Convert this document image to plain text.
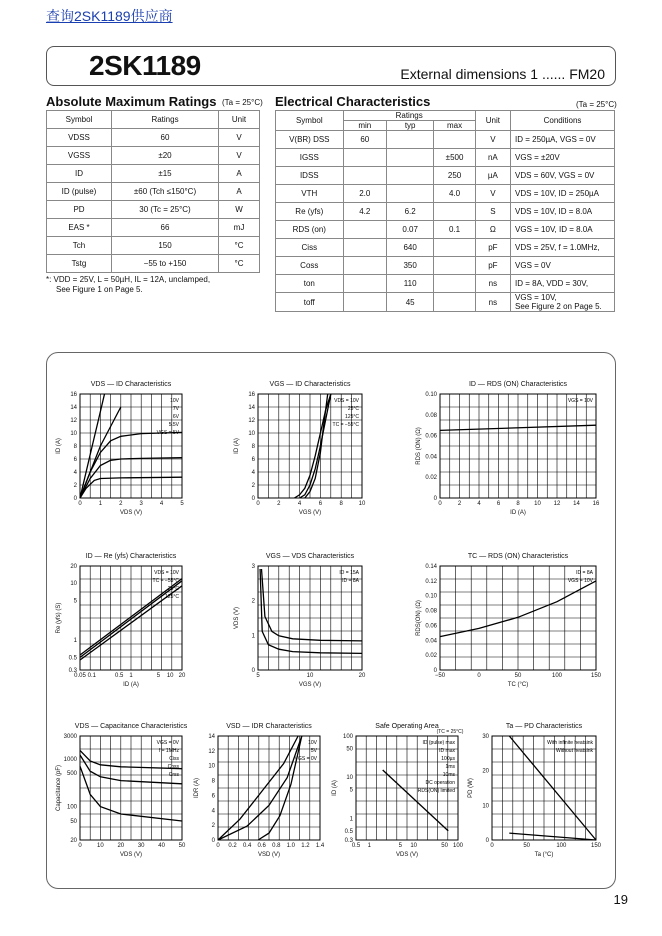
查询2SK1189供应商
2SK1189	External dimensions 1 ...... FM20
Absolute Maximum Ratings (Ta = 25°C)
Symbol	Ratings	Unit
VDSS	60	V
VGSS	±20	V
ID	±15	A
ID (pulse)	±60 (Tch ≤150°C)	A
PD	30 (Tc = 25°C)	W
EAS *	66	mJ
Tch	150	°C
Tstg	−55 to +150	°C
*: VDD = 25V, L = 50µH, IL = 12A, unclamped,
See Figure 1 on Page 5.
Electrical Characteristics	(Ta = 25°C)
Symbol	Ratings			Unit	Conditions
	min	typ	max		
V(BR) DSS	60			V	ID = 250µA, VGS = 0V
IGSS			±500	nA	VGS = ±20V
IDSS			250	µA	VDS = 60V, VGS = 0V
VTH	2.0		4.0	V	VDS = 10V, ID = 250µA
Re (yfs)	4.2	6.2		S	VDS = 10V, ID = 8.0A
RDS (on)		0.07	0.1	Ω	VGS = 10V, ID = 8.0A
Ciss		640		pF	VDS = 25V, f = 1.0MHz,
Coss		350		pF	VGS = 0V
ton		110		ns	ID = 8A, VDD = 30V,
toff		45		ns	VGS = 10V,
See Figure 2 on Page 5.
VDS — ID Characteristics
0	1	2	3	4	5
0
2
4
6
8
10
12
14
16
VDS (V)
ID (A)
10V
7V
6V
5.5V
VGS = 5V
VGS — ID Characteristics
0	2	4	6	8	10
0
2
4
6
8
10
12
14
16
VGS (V)
ID (A)
VDS = 10V
25°C
125°C
TC = −55°C
ID — RDS (ON) Characteristics
0	2	4	6	8 10 12 14 16
0
0.02
0.04
0.06
0.08
0.10
ID (A)
RDS (ON) (Ω)
VGS = 10V
ID — Re (yfs) Characteristics
0.05 0.1	0.5 1	5 10 20
0.3
0.5
1
5
10
20
ID (A)
Re (yfs) (S)
VDS = 10V
TC = −55°C
25°C
125°C
VGS — VDS Characteristics
5	10	20
0
1
2
3
VGS (V)
VDS (V)
ID = 15A
ID = 8A
TC — RDS (ON) Characteristics
−50	0	50	100	150
0
0.02
0.04
0.06
0.08
0.10
0.12
0.14
TC (°C)
RDS(ON) (Ω)
ID = 8A
VGS = 10V
VDS — Capacitance Characteristics
0	10 20 30 40 50
20
50
100
500
1000
3000
VDS (V)
Capacitance (pF)
VGS = 0V
f = 1MHz
Ciss
Coss
Crss
VSD — IDR Characteristics
0 0.2 0.4 0.6 0.8 1.0 1.2 1.4
0
2
4
6
8
10
12
14
VSD (V)
IDR (A)
10V
5V
VGS = 0V
Safe Operating Area
(TC = 25°C)
0.5 1	5 10	50 100
0.3
0.5
1
5
10
50
100
VDS (V)
ID (A)
ID (pulse) max
ID max
100µs
1ms
10ms
DC operation
RDS(ON) limited
Ta — PD Characteristics
0	50	100	150
0
10
20
30
Ta (°C)
PD (W)
With infinite heatsink
Without heatsink
19
